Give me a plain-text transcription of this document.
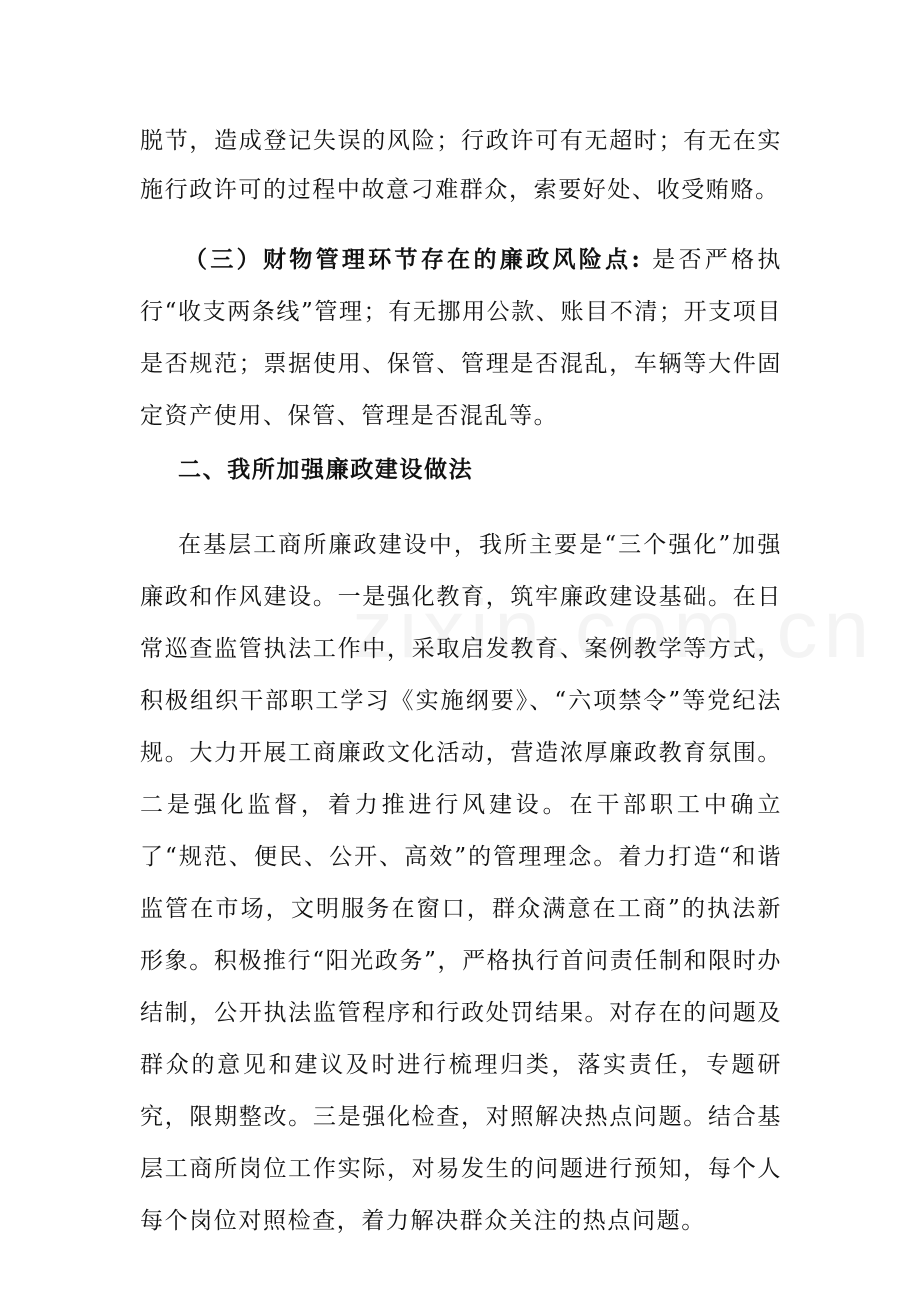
脱节，造成登记失误的风险；行政许可有无超时；有无在实施行政许可的过程中故意刁难群众，索要好处、收受贿赂。

（三）财物管理环节存在的廉政风险点: 是否严格执行“收支两条线”管理；有无挪用公款、账目不清；开支项目是否规范；票据使用、保管、管理是否混乱，车辆等大件固定资产使用、保管、管理是否混乱等。

二、我所加强廉政建设做法

在基层工商所廉政建设中，我所主要是“三个强化”加强廉政和作风建设。一是强化教育，筑牢廉政建设基础。在日常巡查监管执法工作中，采取启发教育、案例教学等方式，积极组织干部职工学习《实施纲要》、“六项禁令”等党纪法规。大力开展工商廉政文化活动，营造浓厚廉政教育氛围。二是强化监督，着力推进行风建设。在干部职工中确立了“规范、便民、公开、高效”的管理理念。着力打造“和谐监管在市场，文明服务在窗口，群众满意在工商”的执法新形象。积极推行“阳光政务”，严格执行首问责任制和限时办结制，公开执法监管程序和行政处罚结果。对存在的问题及群众的意见和建议及时进行梳理归类，落实责任，专题研究，限期整改。三是强化检查，对照解决热点问题。结合基层工商所岗位工作实际，对易发生的问题进行预知，每个人每个岗位对照检查，着力解决群众关注的热点问题。
